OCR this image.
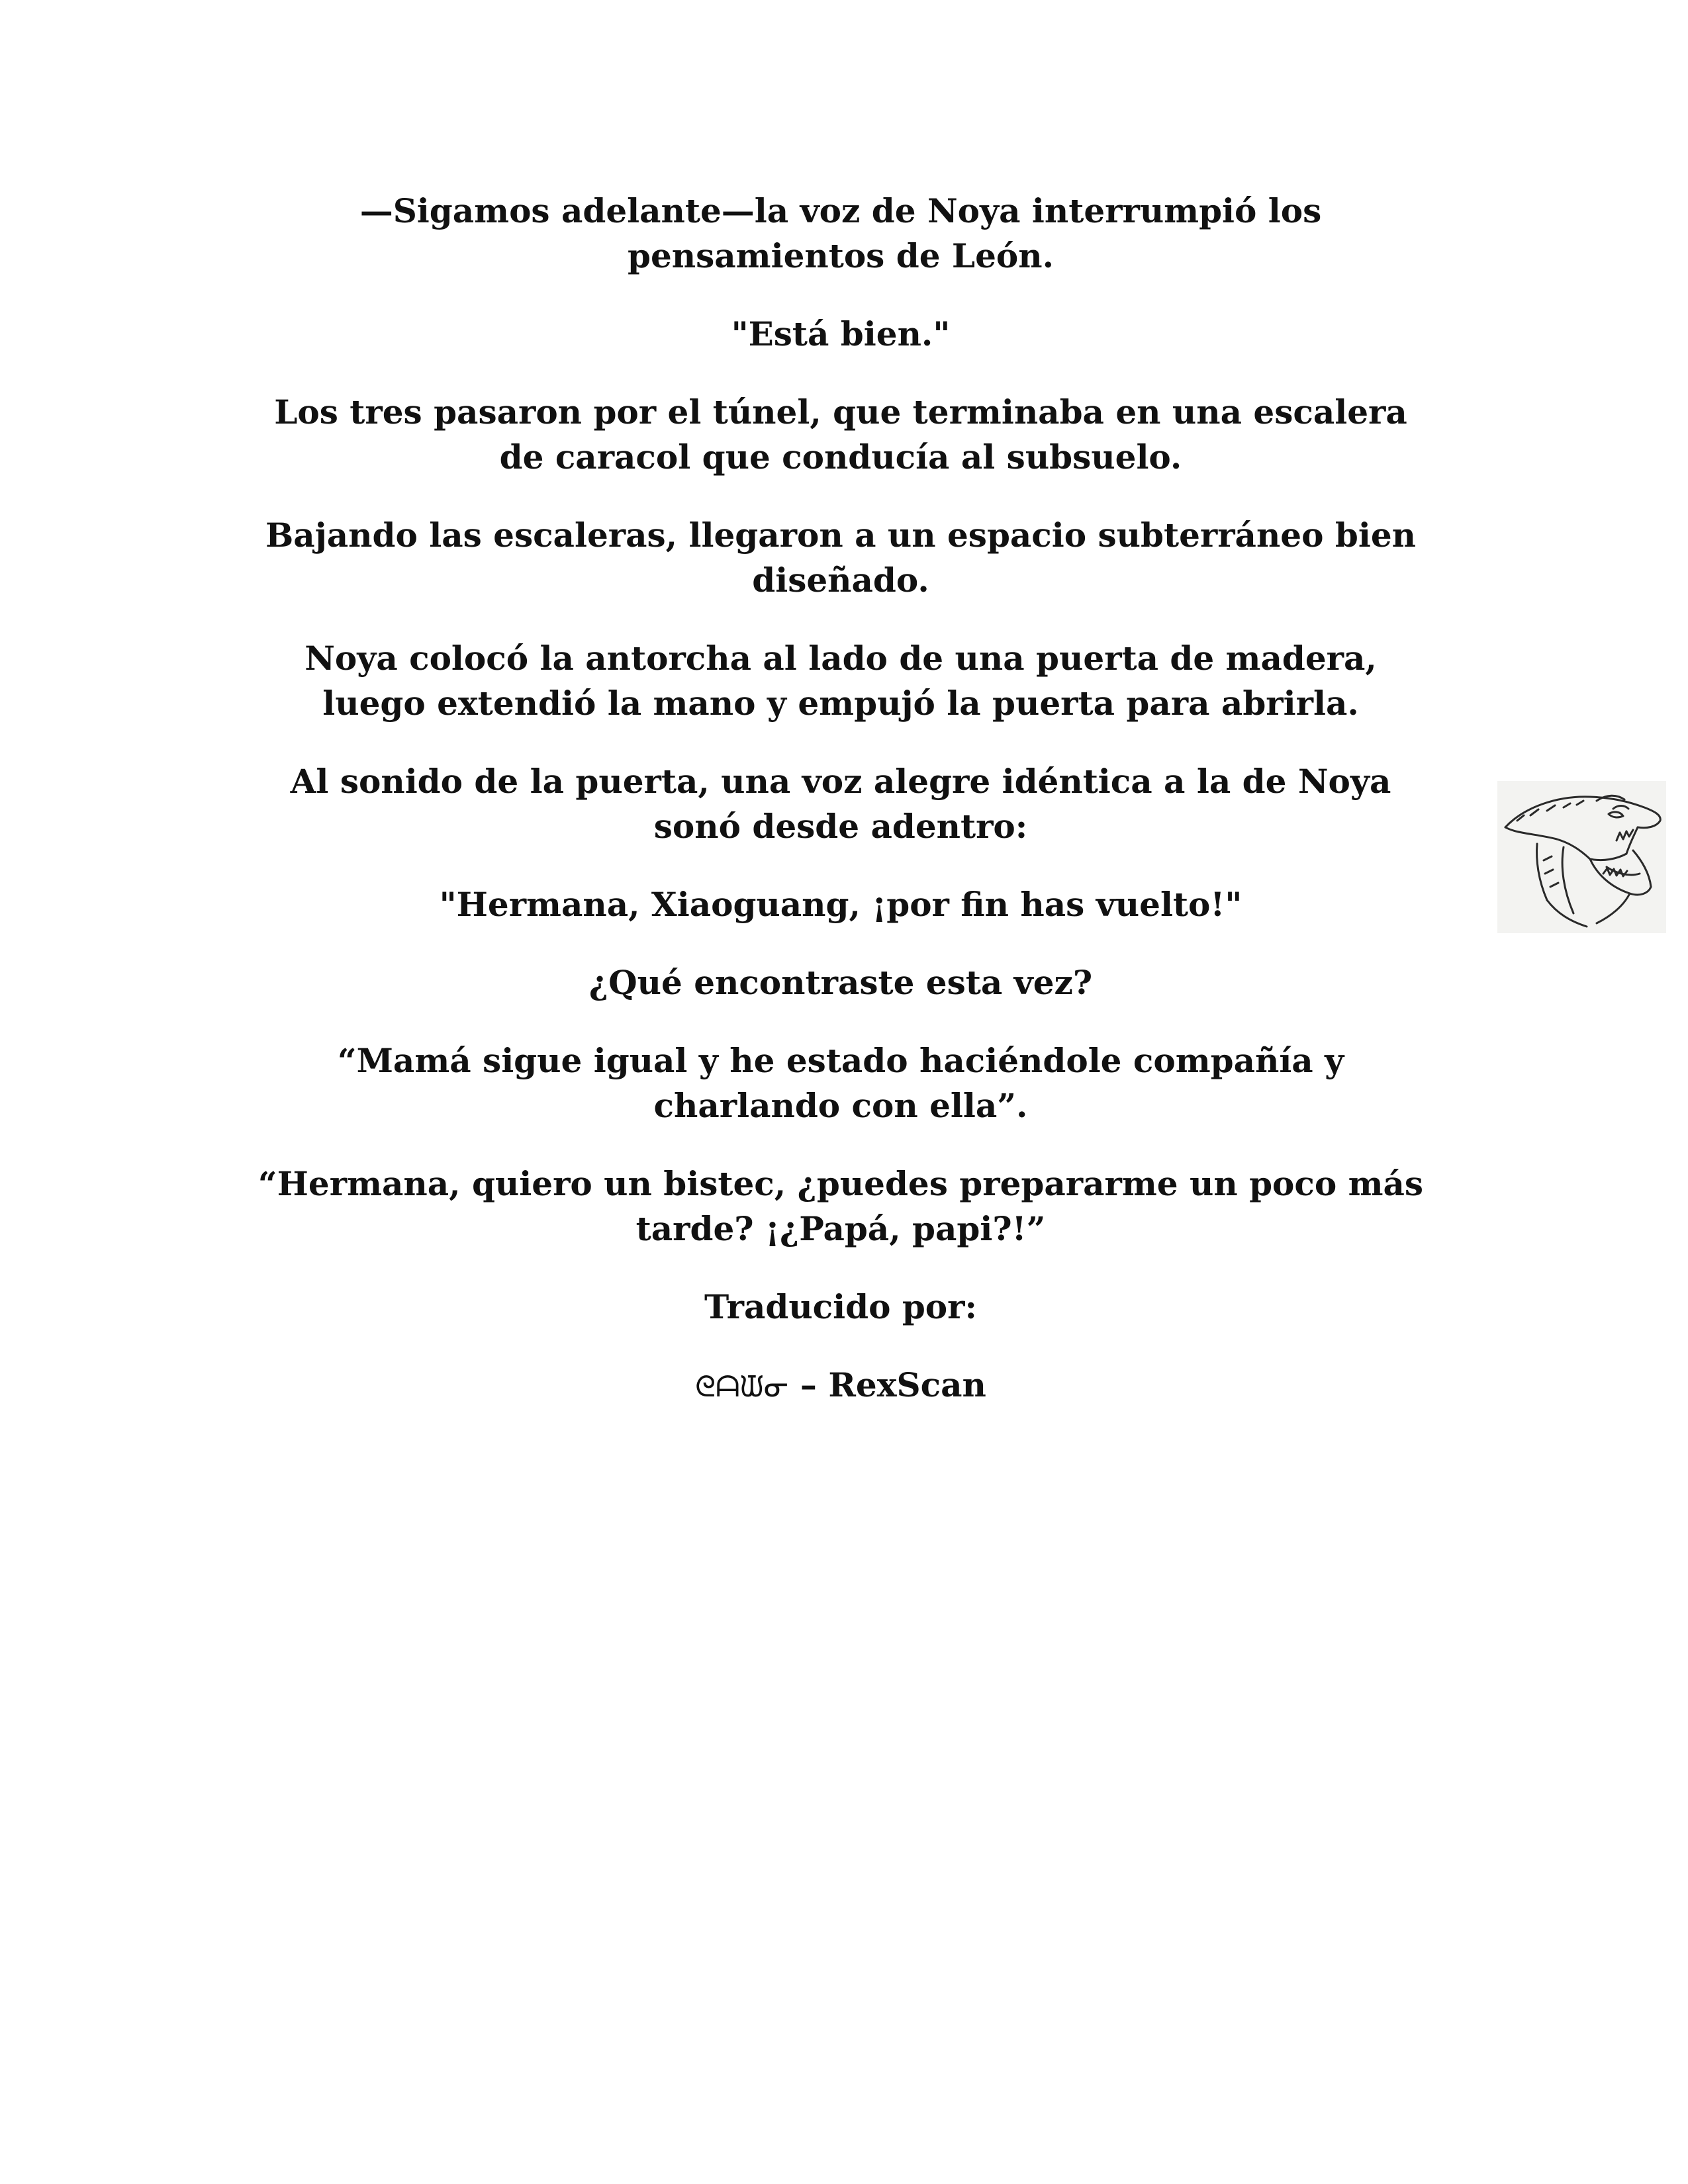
—Sigamos adelante—la voz de Noya interrumpió los
pensamientos de León.

"Está bien."

Los tres pasaron por el túnel, que terminaba en una escalera
de caracol que conducía al subsuelo.

Bajando las escaleras, llegaron a un espacio subterráneo bien
diseñado.

Noya colocó la antorcha al lado de una puerta de madera,
luego extendió la mano y empujó la puerta para abrirla.

Al sonido de la puerta, una voz alegre idéntica a la de Noya
sonó desde adentro:

"Hermana, Xiaoguang, ¡por fin has vuelto!"

¿Qué encontraste esta vez?

“Mamá sigue igual y he estado haciéndole compañía y
charlando con ella”.

“Hermana, quiero un bistec, ¿puedes prepararme un poco más
tarde? ¡¿Papá, papi?!”

Traducido por:

ᘓᗩᙡᓂ – RexScan
